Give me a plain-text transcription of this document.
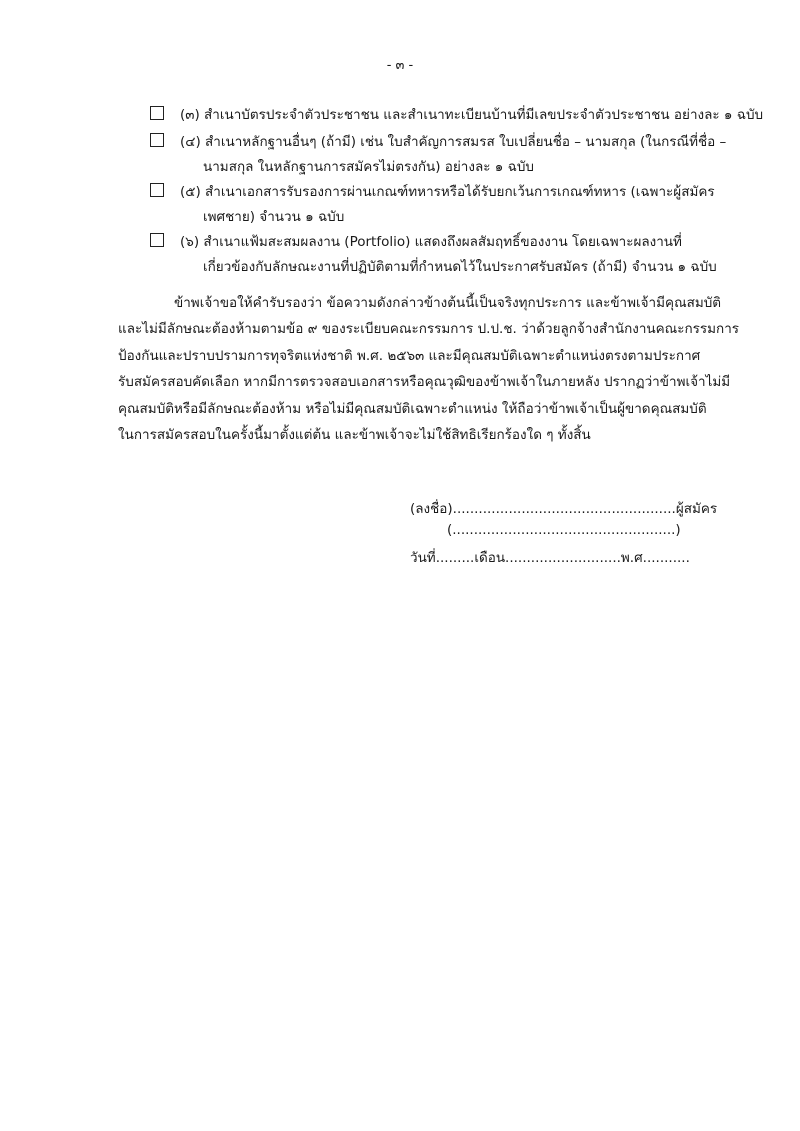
- ๓ -
(๓) สำเนาบัตรประจำตัวประชาชน และสำเนาทะเบียนบ้านที่มีเลขประจำตัวประชาชน อย่างละ ๑ ฉบับ
(๔) สำเนาหลักฐานอื่นๆ (ถ้ามี) เช่น ใบสำคัญการสมรส ใบเปลี่ยนชื่อ – นามสกุล (ในกรณีที่ชื่อ –
นามสกุล ในหลักฐานการสมัครไม่ตรงกัน) อย่างละ ๑ ฉบับ
(๕) สำเนาเอกสารรับรองการผ่านเกณฑ์ทหารหรือได้รับยกเว้นการเกณฑ์ทหาร (เฉพาะผู้สมัคร
เพศชาย) จำนวน ๑ ฉบับ
(๖) สำเนาแฟ้มสะสมผลงาน (Portfolio) แสดงถึงผลสัมฤทธิ์ของงาน โดยเฉพาะผลงานที่
เกี่ยวข้องกับลักษณะงานที่ปฏิบัติตามที่กำหนดไว้ในประกาศรับสมัคร (ถ้ามี) จำนวน ๑ ฉบับ
ข้าพเจ้าขอให้คำรับรองว่า ข้อความดังกล่าวข้างต้นนี้เป็นจริงทุกประการ และข้าพเจ้ามีคุณสมบัติ
และไม่มีลักษณะต้องห้ามตามข้อ ๙ ของระเบียบคณะกรรมการ ป.ป.ช. ว่าด้วยลูกจ้างสำนักงานคณะกรรมการ
ป้องกันและปราบปรามการทุจริตแห่งชาติ พ.ศ. ๒๕๖๓ และมีคุณสมบัติเฉพาะตำแหน่งตรงตามประกาศ
รับสมัครสอบคัดเลือก หากมีการตรวจสอบเอกสารหรือคุณวุฒิของข้าพเจ้าในภายหลัง ปรากฏว่าข้าพเจ้าไม่มี
คุณสมบัติหรือมีลักษณะต้องห้าม หรือไม่มีคุณสมบัติเฉพาะตำแหน่ง ให้ถือว่าข้าพเจ้าเป็นผู้ขาดคุณสมบัติ
ในการสมัครสอบในครั้งนี้มาตั้งแต่ต้น และข้าพเจ้าจะไม่ใช้สิทธิเรียกร้องใด ๆ ทั้งสิ้น
(ลงชื่อ)....................................................ผู้สมัคร
(....................................................)
วันที่.........เดือน...........................พ.ศ...........
